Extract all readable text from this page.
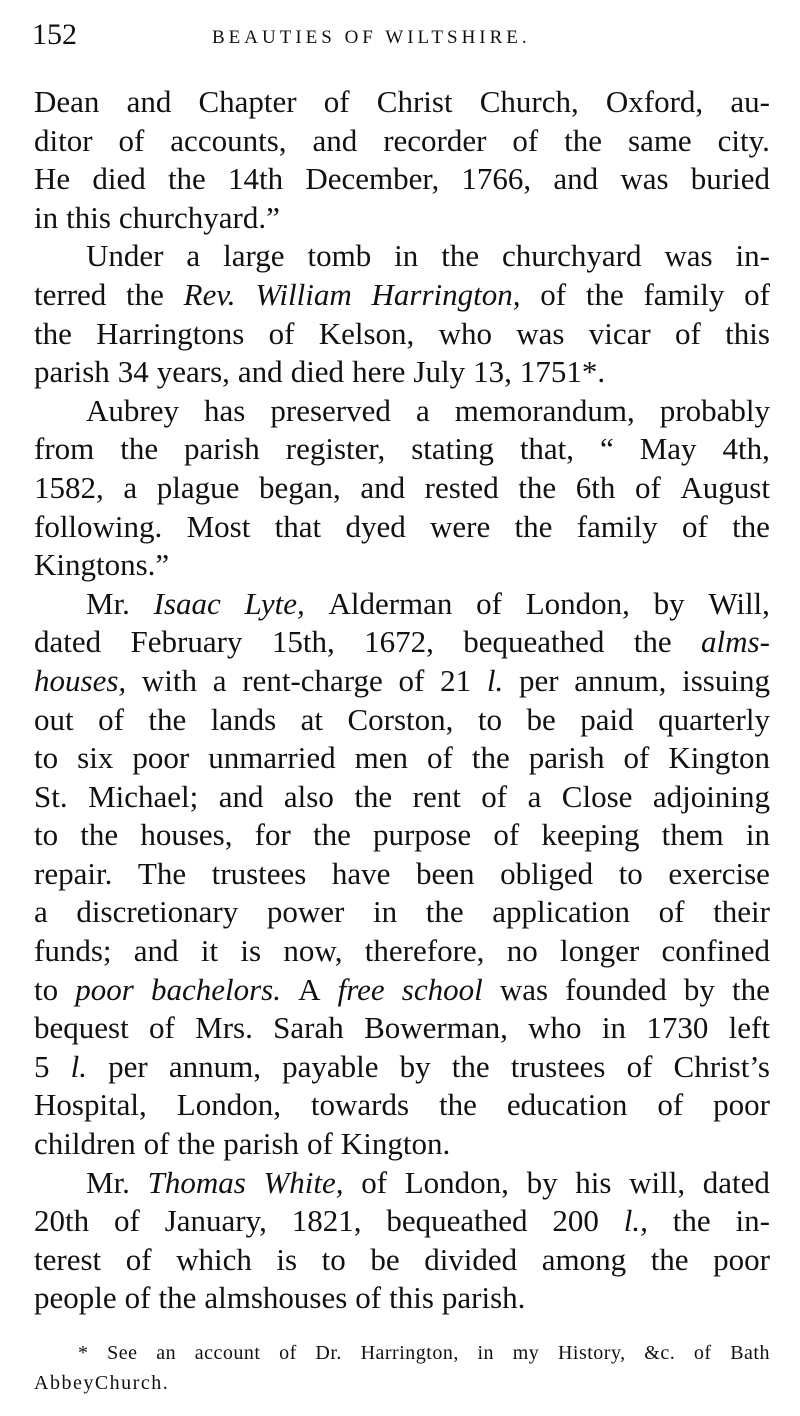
152	BEAUTIES OF WILTSHIRE.
Dean and Chapter of Christ Church, Oxford, au-
ditor of accounts, and recorder of the same city.
He died the 14th December, 1766, and was buried
in this churchyard.”
Under a large tomb in the churchyard was in-
terred the Rev. William Harrington, of the family of
the Harringtons of Kelson, who was vicar of this
parish 34 years, and died here July 13, 1751*.
Aubrey has preserved a memorandum, probably
from the parish register, stating that, “ May 4th,
1582, a plague began, and rested the 6th of August
following. Most that dyed were the family of the
Kingtons.”
Mr. Isaac Lyte, Alderman of London, by Will,
dated February 15th, 1672, bequeathed the alms-
houses, with a rent-charge of 21 l. per annum, issuing
out of the lands at Corston, to be paid quarterly
to six poor unmarried men of the parish of Kington
St. Michael; and also the rent of a Close adjoining
to the houses, for the purpose of keeping them in
repair. The trustees have been obliged to exercise
a discretionary power in the application of their
funds; and it is now, therefore, no longer confined
to poor bachelors. A free school was founded by the
bequest of Mrs. Sarah Bowerman, who in 1730 left
5 l. per annum, payable by the trustees of Christ’s
Hospital, London, towards the education of poor
children of the parish of Kington.
Mr. Thomas White, of London, by his will, dated
20th of January, 1821, bequeathed 200 l., the in-
terest of which is to be divided among the poor
people of the almshouses of this parish.
* See an account of Dr. Harrington, in my History, &c. of Bath
Abbey Church.
